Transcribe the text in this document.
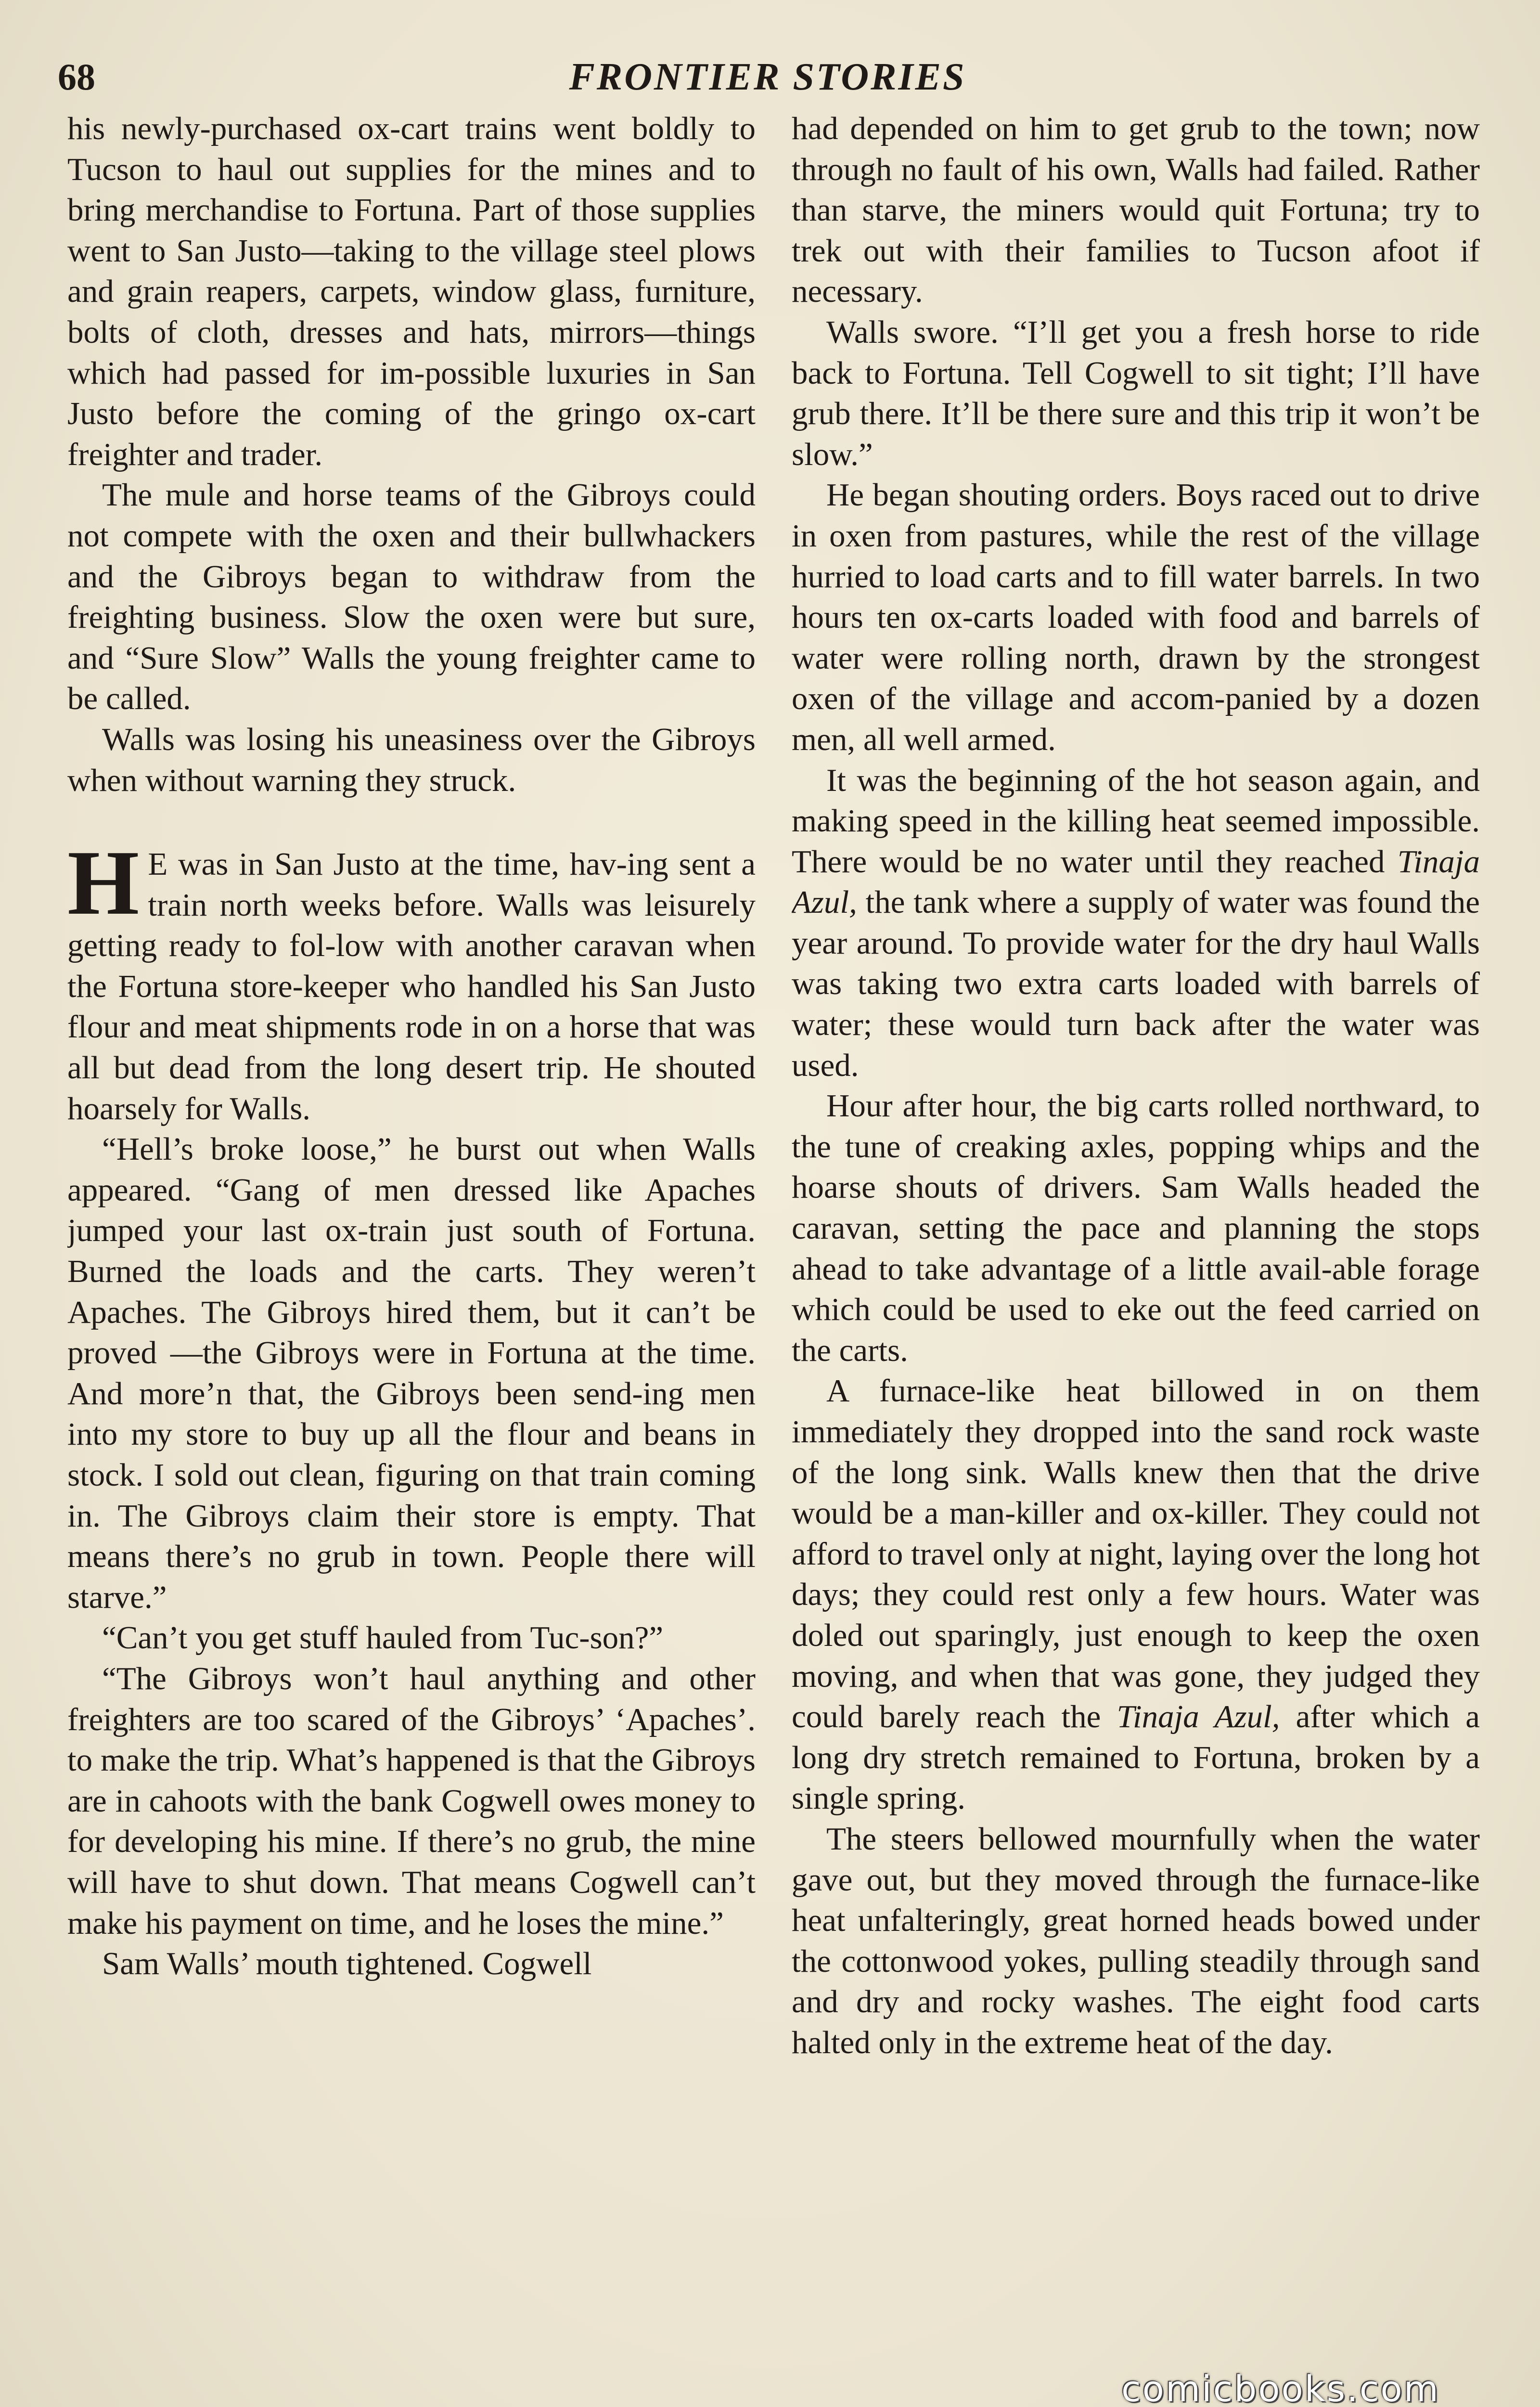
68	FRONTIER STORIES

his newly-purchased ox-cart trains went boldly to Tucson to haul out supplies for the mines and to bring merchandise to Fortuna. Part of those supplies went to San Justo—taking to the village steel plows and grain reapers, carpets, window glass, furniture, bolts of cloth, dresses and hats, mirrors—things which had passed for im-possible luxuries in San Justo before the coming of the gringo ox-cart freighter and trader.

The mule and horse teams of the Gibroys could not compete with the oxen and their bullwhackers and the Gibroys began to withdraw from the freighting business. Slow the oxen were but sure, and “Sure Slow” Walls the young freighter came to be called.

Walls was losing his uneasiness over the Gibroys when without warning they struck.

H E was in San Justo at the time, hav-ing sent a train north weeks before. Walls was leisurely getting ready to fol-low with another caravan when the Fortuna store-keeper who handled his San Justo flour and meat shipments rode in on a horse that was all but dead from the long desert trip. He shouted hoarsely for Walls.

“Hell’s broke loose,” he burst out when Walls appeared. “Gang of men dressed like Apaches jumped your last ox-train just south of Fortuna. Burned the loads and the carts. They weren’t Apaches. The Gibroys hired them, but it can’t be proved —the Gibroys were in Fortuna at the time. And more’n that, the Gibroys been send-ing men into my store to buy up all the flour and beans in stock. I sold out clean, figuring on that train coming in. The Gibroys claim their store is empty. That means there’s no grub in town. People there will starve.”

“Can’t you get stuff hauled from Tuc-son?”

“The Gibroys won’t haul anything and other freighters are too scared of the Gibroys’ ‘Apaches’. to make the trip. What’s happened is that the Gibroys are in cahoots with the bank Cogwell owes money to for developing his mine. If there’s no grub, the mine will have to shut down. That means Cogwell can’t make his payment on time, and he loses the mine.”

Sam Walls’ mouth tightened. Cogwell

had depended on him to get grub to the town; now through no fault of his own, Walls had failed. Rather than starve, the miners would quit Fortuna; try to trek out with their families to Tucson afoot if necessary.

Walls swore. “I’ll get you a fresh horse to ride back to Fortuna. Tell Cogwell to sit tight; I’ll have grub there. It’ll be there sure and this trip it won’t be slow.”

He began shouting orders. Boys raced out to drive in oxen from pastures, while the rest of the village hurried to load carts and to fill water barrels. In two hours ten ox-carts loaded with food and barrels of water were rolling north, drawn by the strongest oxen of the village and accom-panied by a dozen men, all well armed.

It was the beginning of the hot season again, and making speed in the killing heat seemed impossible. There would be no water until they reached Tinaja Azul, the tank where a supply of water was found the year around. To provide water for the dry haul Walls was taking two extra carts loaded with barrels of water; these would turn back after the water was used.

Hour after hour, the big carts rolled northward, to the tune of creaking axles, popping whips and the hoarse shouts of drivers. Sam Walls headed the caravan, setting the pace and planning the stops ahead to take advantage of a little avail-able forage which could be used to eke out the feed carried on the carts.

A furnace-like heat billowed in on them immediately they dropped into the sand rock waste of the long sink. Walls knew then that the drive would be a man-killer and ox-killer. They could not afford to travel only at night, laying over the long hot days; they could rest only a few hours. Water was doled out sparingly, just enough to keep the oxen moving, and when that was gone, they judged they could barely reach the Tinaja Azul, after which a long dry stretch remained to Fortuna, broken by a single spring.

The steers bellowed mournfully when the water gave out, but they moved through the furnace-like heat unfalteringly, great horned heads bowed under the cottonwood yokes, pulling steadily through sand and dry and rocky washes. The eight food carts halted only in the extreme heat of the day.

comicbooks.com
